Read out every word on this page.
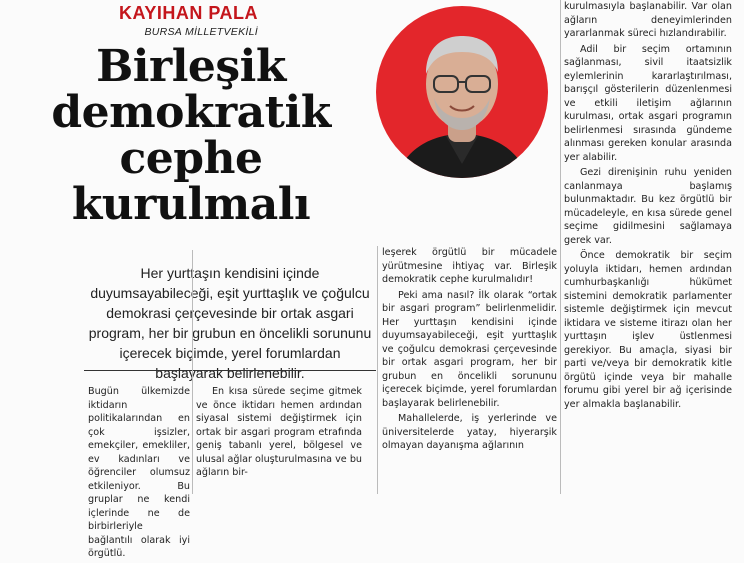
KAYIHAN PALA
BURSA MİLLETVEKİLİ
Birleşik
demokratik
cephe
kurulmalı
Her yurttaşın kendisini içinde duyumsayabileceği, eşit yurttaşlık ve çoğulcu demokrasi çerçevesinde bir ortak asgari program, her bir grubun en öncelikli sorununu içerecek biçimde, yerel forumlardan başlayarak belirlenebilir.

Bugün ülkemizde iktidarın politikalarından en çok işsizler, emekçiler, emekliler, ev kadınları ve öğrenciler olumsuz etkileniyor. Bu gruplar ne kendi içlerinde ne de birbirleriyle bağlantılı olarak iyi örgütlü.

En kısa sürede seçime gitmek ve önce iktidarı hemen ardından siyasal sistemi değiştirmek için ortak bir asgari program etrafında geniş tabanlı yerel, bölgesel ve ulusal ağlar oluşturulmasına ve bu ağların bir-

leşerek örgütlü bir mücadele yürütmesine ihtiyaç var. Birleşik demokratik cephe kurulmalıdır!

Peki ama nasıl? İlk olarak “ortak bir asgari program” belirlenmelidir. Her yurttaşın kendisini içinde duyumsayabileceği, eşit yurttaşlık ve çoğulcu demokrasi çerçevesinde bir ortak asgari program, her bir grubun en öncelikli sorununu içerecek biçimde, yerel forumlardan başlayarak belirlenebilir.

Mahallelerde, iş yerlerinde ve üniversitelerde yatay, hiyerarşik olmayan dayanışma ağlarının

kurulmasıyla başlanabilir. Var olan ağların deneyimlerinden yararlanmak süreci hızlandırabilir.

Adil bir seçim ortamının sağlanması, sivil itaatsizlik eylemlerinin kararlaştırılması, barışçıl gösterilerin düzenlenmesi ve etkili iletişim ağlarının kurulması, ortak asgari programın belirlenmesi sırasında gündeme alınması gereken konular arasında yer alabilir.

Gezi direnişinin ruhu yeniden canlanmaya başlamış bulunmaktadır. Bu kez örgütlü bir mücadeleyle, en kısa sürede genel seçime gidilmesini sağlamaya gerek var.

Önce demokratik bir seçim yoluyla iktidarı, hemen ardından cumhurbaşkanlığı hükümet sistemini demokratik parlamenter sistemle değiştirmek için mevcut iktidara ve sisteme itirazı olan her yurttaşın işlev üstlenmesi gerekiyor. Bu amaçla, siyasi bir parti ve/veya bir demokratik kitle örgütü içinde veya bir mahalle forumu gibi yerel bir ağ içerisinde yer almakla başlanabilir.
